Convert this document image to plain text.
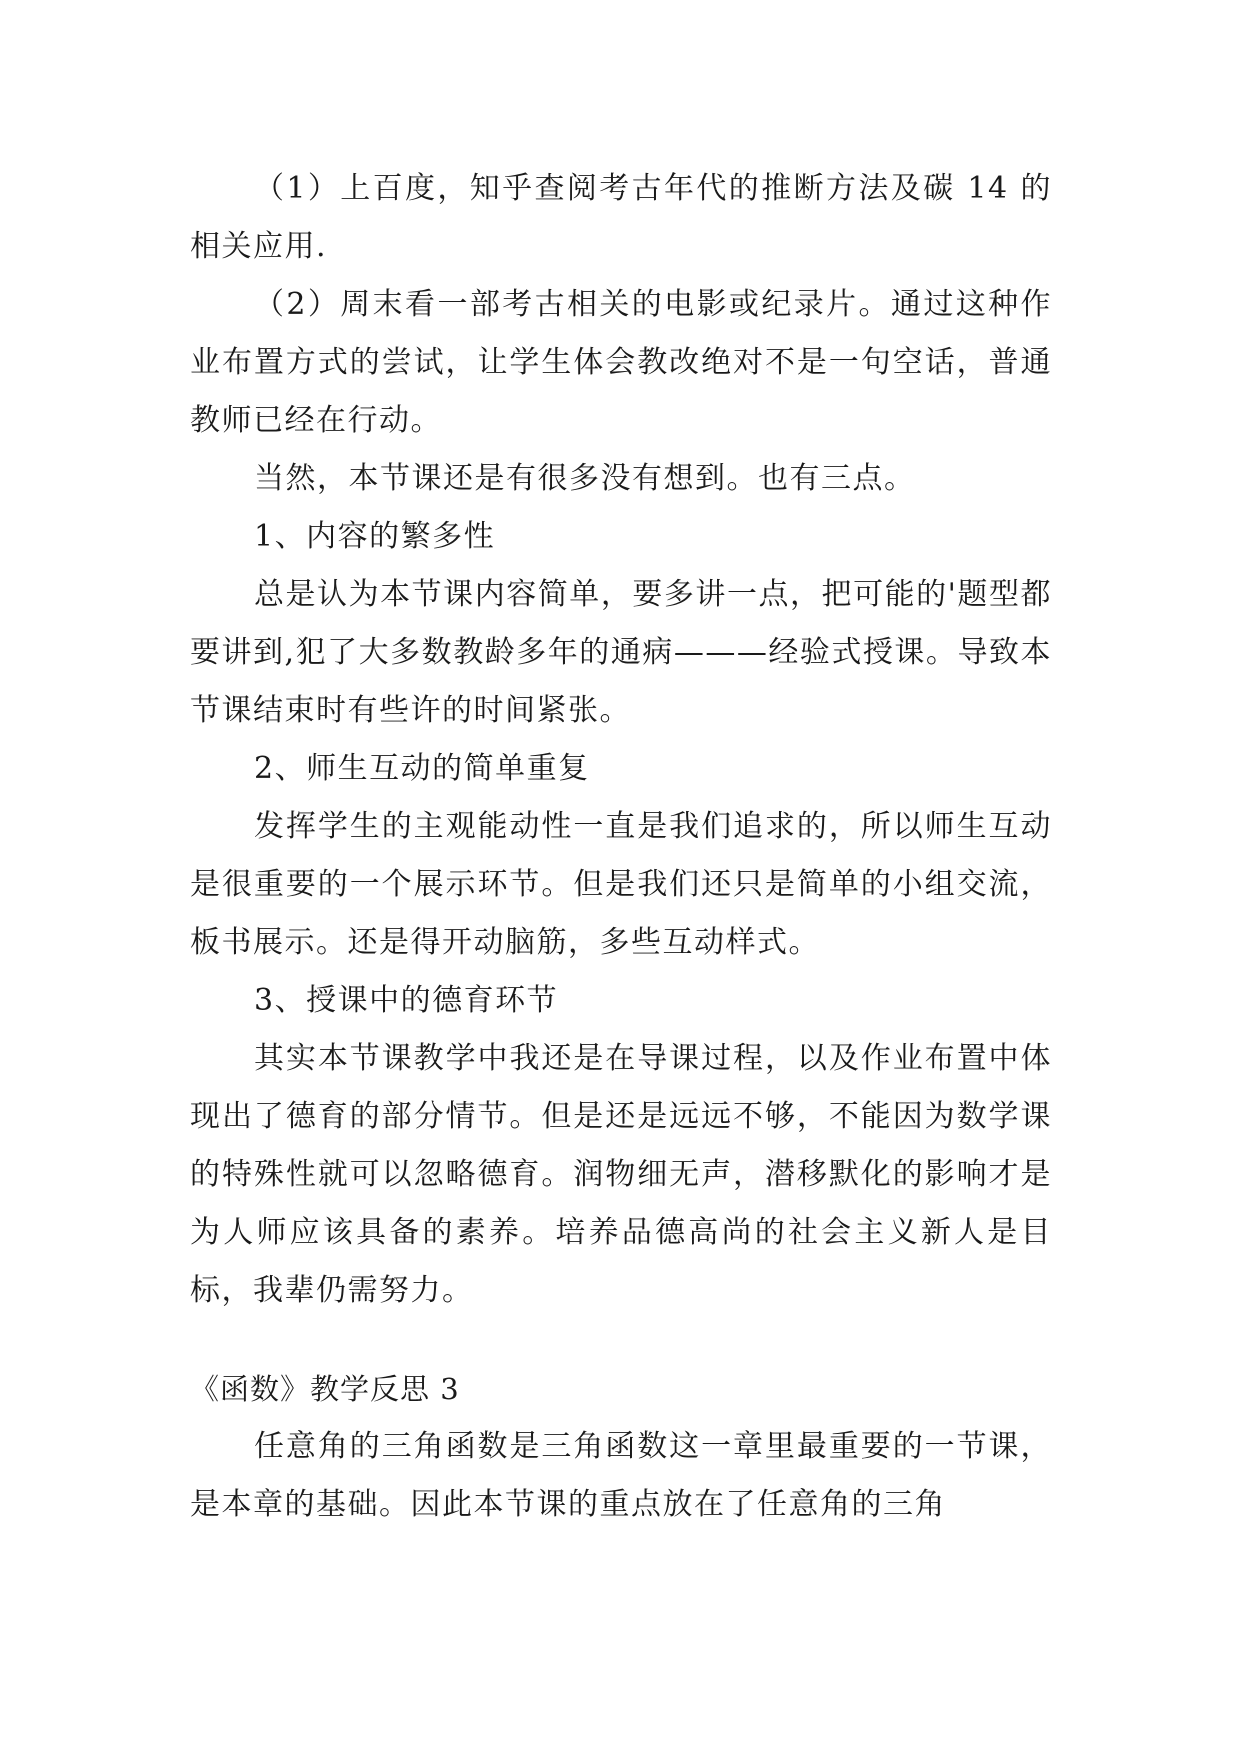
（1）上百度，知乎查阅考古年代的推断方法及碳 14 的相关应用.

（2）周末看一部考古相关的电影或纪录片。通过这种作业布置方式的尝试，让学生体会教改绝对不是一句空话，普通教师已经在行动。

当然，本节课还是有很多没有想到。也有三点。

1、内容的繁多性

总是认为本节课内容简单，要多讲一点，把可能的'题型都要讲到,犯了大多数教龄多年的通病———经验式授课。导致本节课结束时有些许的时间紧张。

2、师生互动的简单重复

发挥学生的主观能动性一直是我们追求的，所以师生互动是很重要的一个展示环节。但是我们还只是简单的小组交流，板书展示。还是得开动脑筋，多些互动样式。

3、授课中的德育环节

其实本节课教学中我还是在导课过程，以及作业布置中体现出了德育的部分情节。但是还是远远不够，不能因为数学课的特殊性就可以忽略德育。润物细无声，潜移默化的影响才是为人师应该具备的素养。培养品德高尚的社会主义新人是目标，我辈仍需努力。

《函数》教学反思 3

任意角的三角函数是三角函数这一章里最重要的一节课，是本章的基础。因此本节课的重点放在了任意角的三角
